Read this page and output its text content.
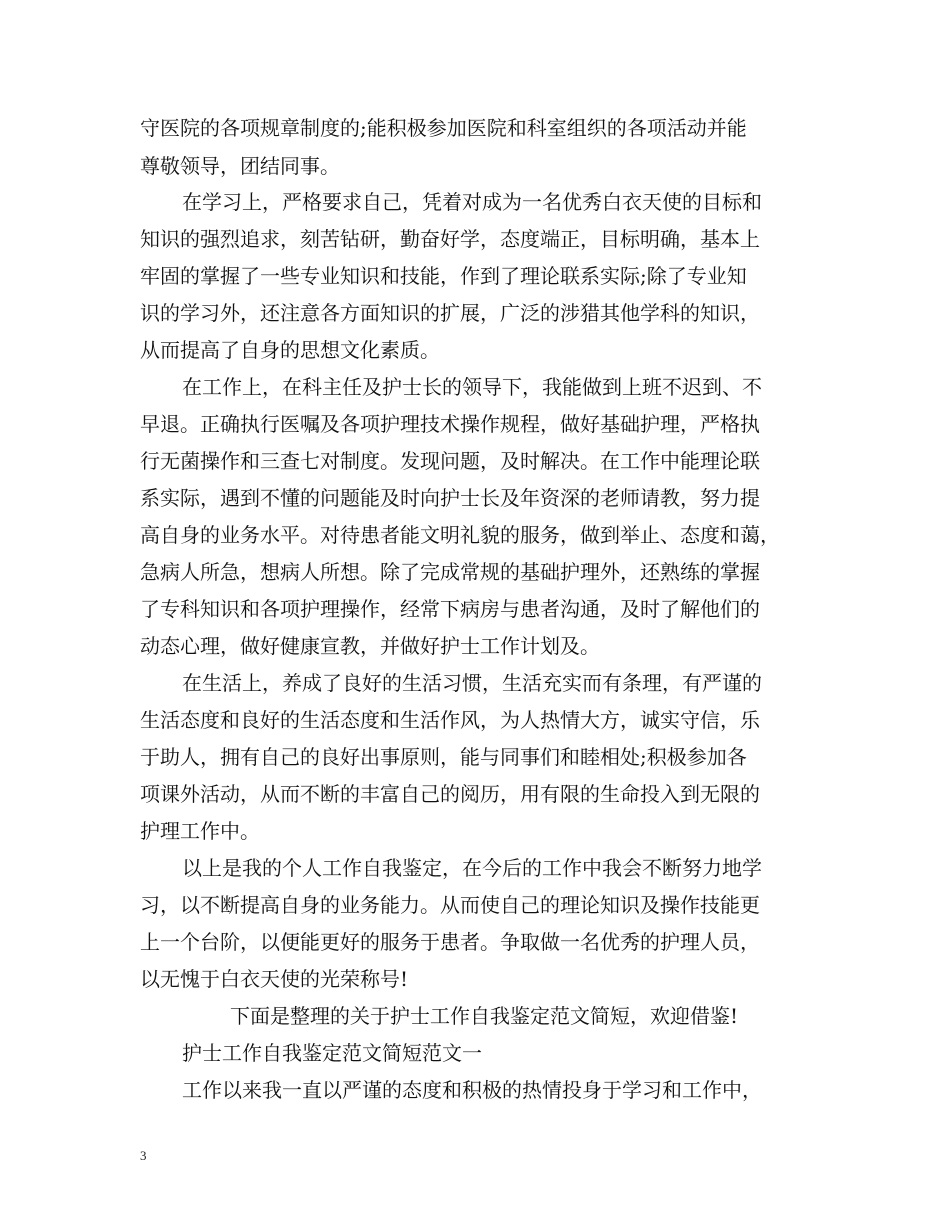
守医院的各项规章制度的;能积极参加医院和科室组织的各项活动并能
尊敬领导，团结同事。
在学习上，严格要求自己，凭着对成为一名优秀白衣天使的目标和
知识的强烈追求，刻苦钻研，勤奋好学，态度端正，目标明确，基本上
牢固的掌握了一些专业知识和技能，作到了理论联系实际;除了专业知
识的学习外，还注意各方面知识的扩展，广泛的涉猎其他学科的知识，
从而提高了自身的思想文化素质。
在工作上，在科主任及护士长的领导下，我能做到上班不迟到、不
早退。正确执行医嘱及各项护理技术操作规程，做好基础护理，严格执
行无菌操作和三查七对制度。发现问题，及时解决。在工作中能理论联
系实际，遇到不懂的问题能及时向护士长及年资深的老师请教，努力提
高自身的业务水平。对待患者能文明礼貌的服务，做到举止、态度和蔼，
急病人所急，想病人所想。除了完成常规的基础护理外，还熟练的掌握
了专科知识和各项护理操作，经常下病房与患者沟通，及时了解他们的
动态心理，做好健康宣教，并做好护士工作计划及。
在生活上，养成了良好的生活习惯，生活充实而有条理，有严谨的
生活态度和良好的生活态度和生活作风，为人热情大方，诚实守信，乐
于助人，拥有自己的良好出事原则，能与同事们和睦相处;积极参加各
项课外活动，从而不断的丰富自己的阅历，用有限的生命投入到无限的
护理工作中。
以上是我的个人工作自我鉴定，在今后的工作中我会不断努力地学
习，以不断提高自身的业务能力。从而使自己的理论知识及操作技能更
上一个台阶，以便能更好的服务于患者。争取做一名优秀的护理人员，
以无愧于白衣天使的光荣称号!
下面是整理的关于护士工作自我鉴定范文简短，欢迎借鉴!
护士工作自我鉴定范文简短范文一
工作以来我一直以严谨的态度和积极的热情投身于学习和工作中，
3
